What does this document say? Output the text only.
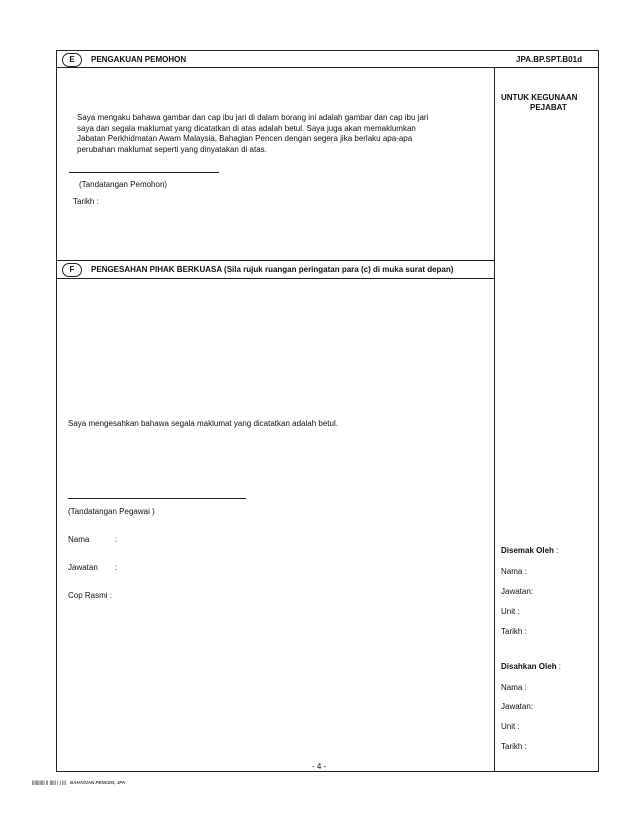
E	PENGAKUAN PEMOHON	JPA.BP.SPT.B01d
Saya mengaku bahawa gambar dan cap ibu jari di dalam borang ini adalah gambar dan cap ibu jari
saya dan segala maklumat yang dicatatkan di atas adalah betul. Saya juga akan memaklumkan
Jabatan Perkhidmatan Awam Malaysia, Bahagian Pencen dengan segera jika berlaku apa-apa
perubahan maklumat seperti yang dinyatakan di atas.
(Tandatangan Pemohon)
Tarikh :
UNTUK KEGUNAAN
PEJABAT
Disemak Oleh :
Nama :
Jawatan:
Unit :
Tarikh :
Disahkan Oleh :
Nama :
Jawatan:
Unit :
Tarikh :
F	PENGESAHAN PIHAK BERKUASA (Sila rujuk ruangan peringatan para (c) di muka surat depan)
Saya mengesahkan bahawa segala maklumat yang dicatatkan adalah betul.
(Tandatangan Pegawai )
Nama	:
Jawatan :
Cop Rasmi :
- 4 -
|||||||||| || ||||| | | ||| BAHAGIAN PENCEN, JPA
